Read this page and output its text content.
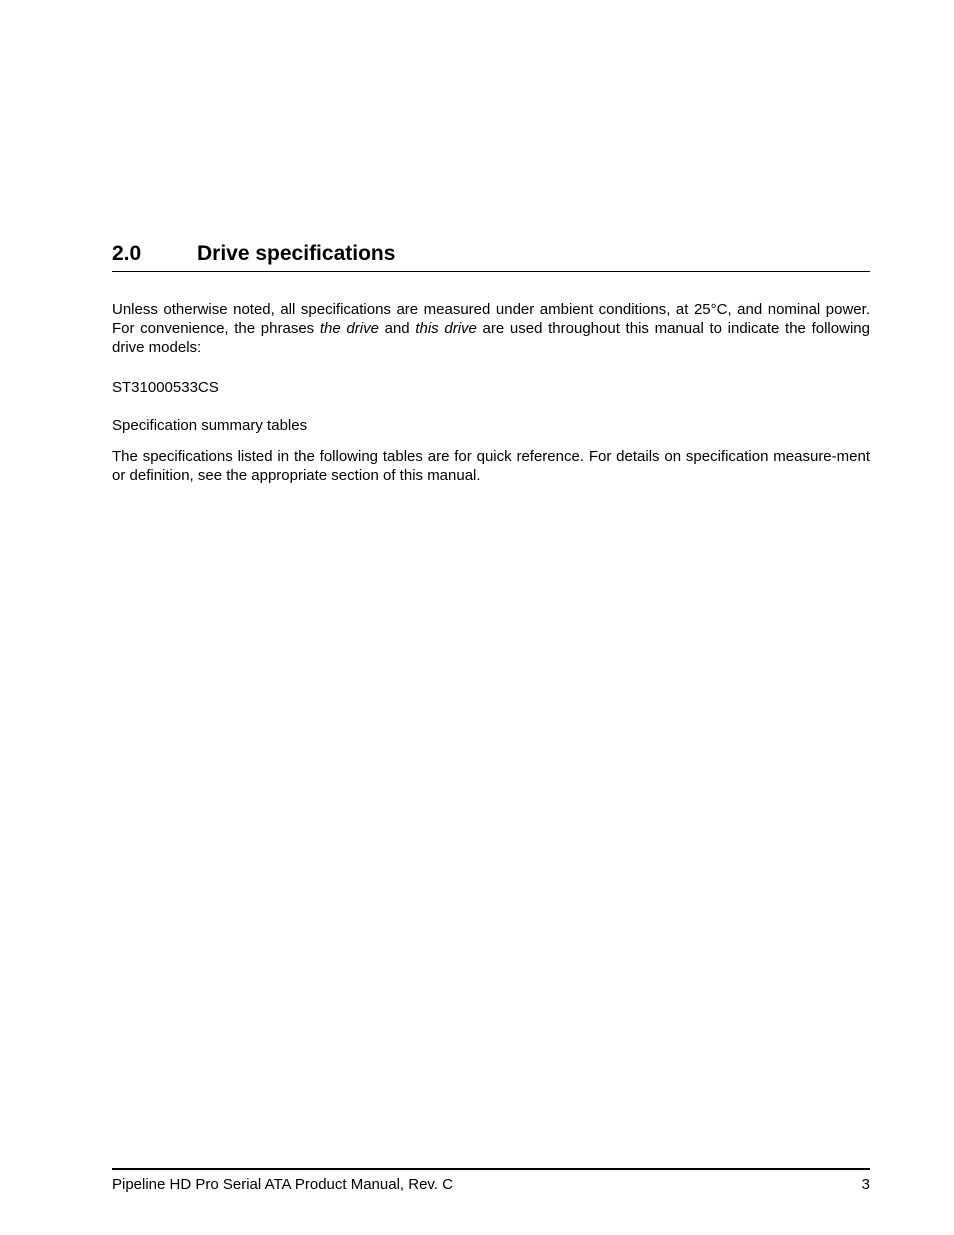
2.0	Drive specifications

Unless otherwise noted, all specifications are measured under ambient conditions, at 25°C, and nominal power. For convenience, the phrases the drive and this drive are used throughout this manual to indicate the following drive models:

ST31000533CS

Specification summary tables

The specifications listed in the following tables are for quick reference. For details on specification measure-ment or definition, see the appropriate section of this manual.

Pipeline HD Pro Serial ATA Product Manual, Rev. C	3
